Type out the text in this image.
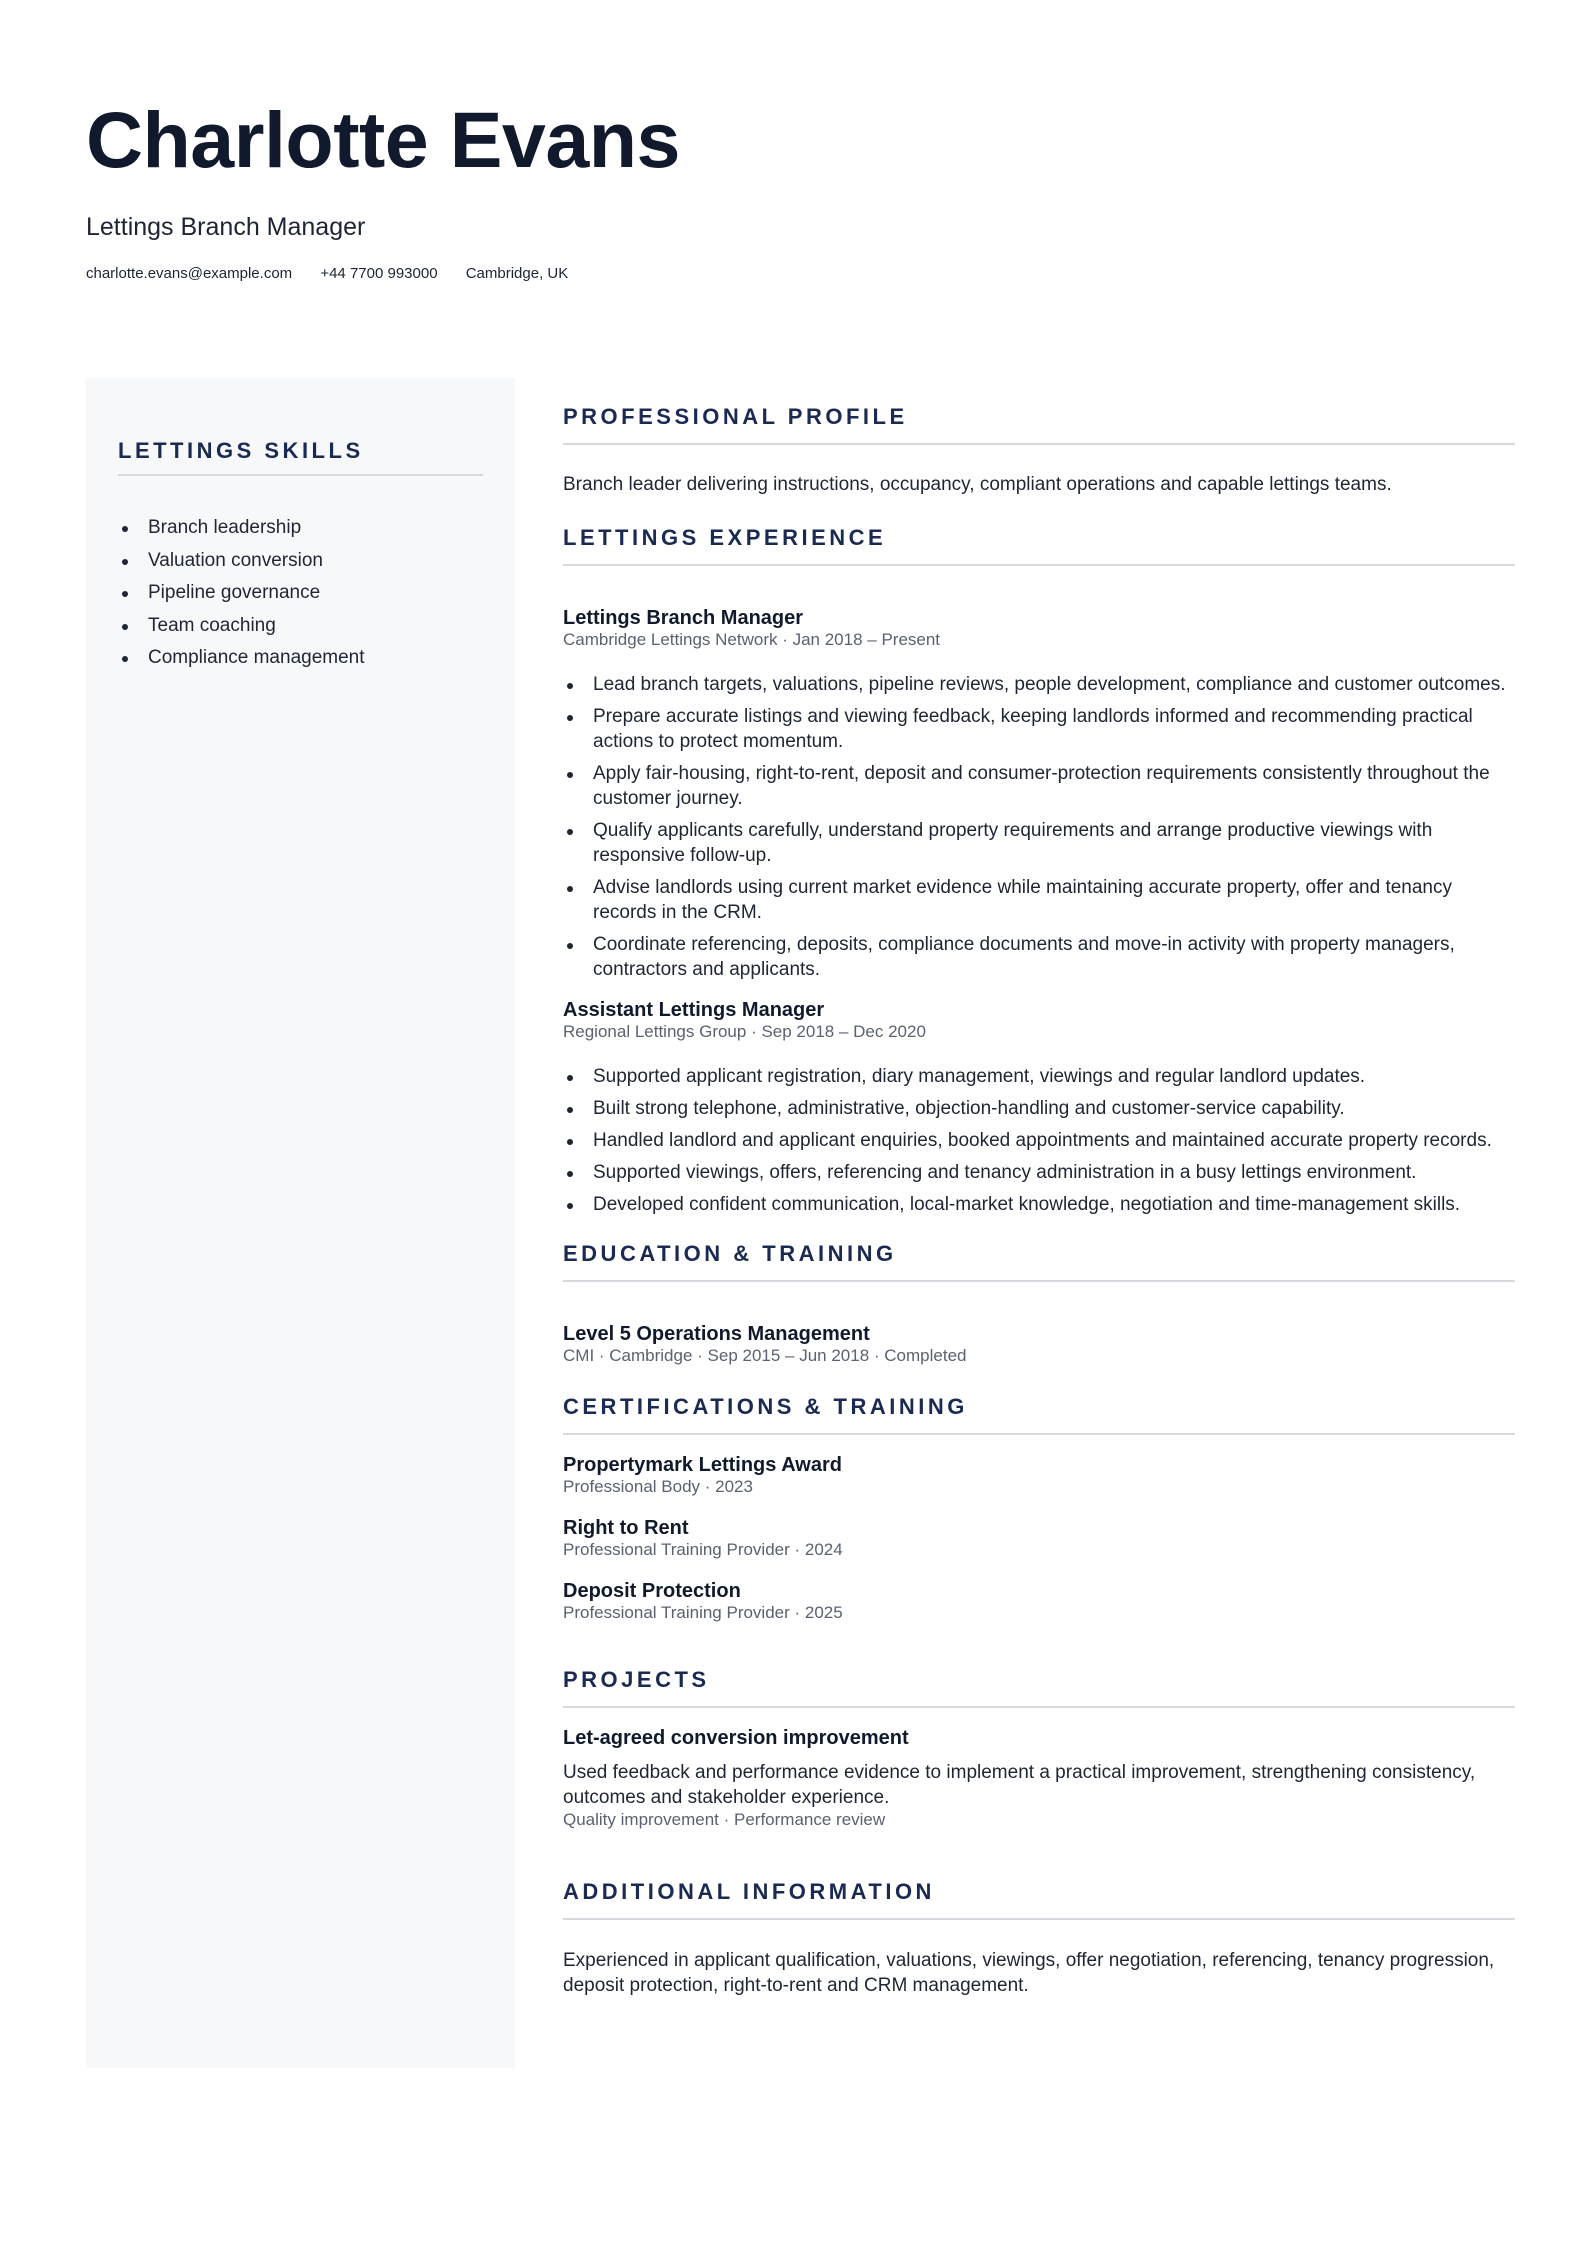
Charlotte Evans
Lettings Branch Manager
charlotte.evans@example.com +44 7700 993000 Cambridge, UK
LETTINGS SKILLS
Branch leadership
Valuation conversion
Pipeline governance
Team coaching
Compliance management
PROFESSIONAL PROFILE
Branch leader delivering instructions, occupancy, compliant operations and capable lettings teams.
LETTINGS EXPERIENCE
Lettings Branch Manager
Cambridge Lettings Network · Jan 2018 – Present
Lead branch targets, valuations, pipeline reviews, people development, compliance and customer outcomes.
Prepare accurate listings and viewing feedback, keeping landlords informed and recommending practical actions to protect momentum.
Apply fair-housing, right-to-rent, deposit and consumer-protection requirements consistently throughout the customer journey.
Qualify applicants carefully, understand property requirements and arrange productive viewings with responsive follow-up.
Advise landlords using current market evidence while maintaining accurate property, offer and tenancy records in the CRM.
Coordinate referencing, deposits, compliance documents and move-in activity with property managers, contractors and applicants.
Assistant Lettings Manager
Regional Lettings Group · Sep 2018 – Dec 2020
Supported applicant registration, diary management, viewings and regular landlord updates.
Built strong telephone, administrative, objection-handling and customer-service capability.
Handled landlord and applicant enquiries, booked appointments and maintained accurate property records.
Supported viewings, offers, referencing and tenancy administration in a busy lettings environment.
Developed confident communication, local-market knowledge, negotiation and time-management skills.
EDUCATION & TRAINING
Level 5 Operations Management
CMI · Cambridge · Sep 2015 – Jun 2018 · Completed
CERTIFICATIONS & TRAINING
Propertymark Lettings Award
Professional Body · 2023
Right to Rent
Professional Training Provider · 2024
Deposit Protection
Professional Training Provider · 2025
PROJECTS
Let-agreed conversion improvement
Used feedback and performance evidence to implement a practical improvement, strengthening consistency, outcomes and stakeholder experience.
Quality improvement · Performance review
ADDITIONAL INFORMATION
Experienced in applicant qualification, valuations, viewings, offer negotiation, referencing, tenancy progression, deposit protection, right-to-rent and CRM management.
